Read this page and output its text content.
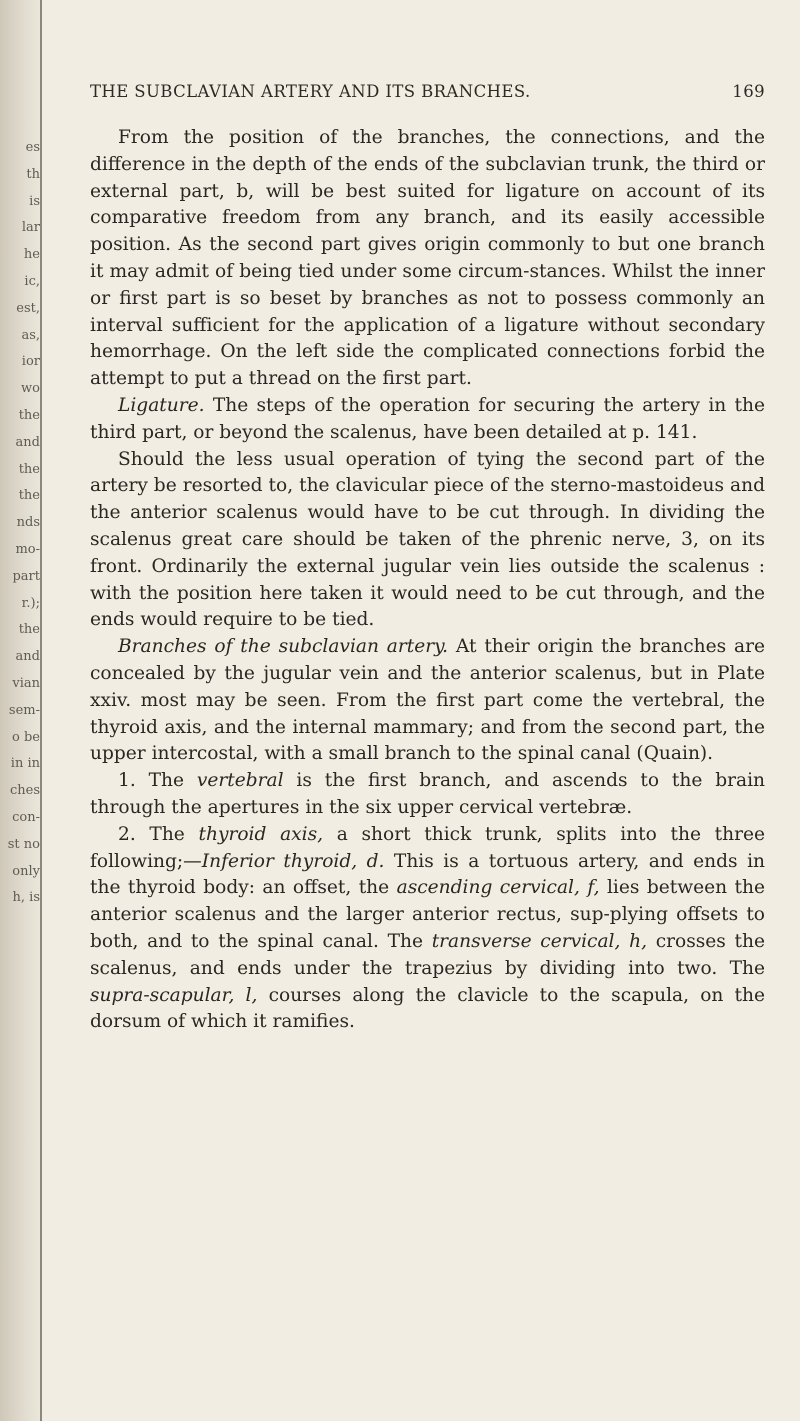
es
th
is
lar
he
ic,
est,
as,
ior
wo
the
and
the
the
nds
mo-
part
r.);
the
and
vian
sem-
o be
in in
ches
con-
st no
only
h, is
THE SUBCLAVIAN ARTERY AND ITS BRANCHES.	169

From the position of the branches, the connections, and the difference in the depth of the ends of the subclavian trunk, the third or external part, b, will be best suited for ligature on account of its comparative freedom from any branch, and its easily accessible position. As the second part gives origin commonly to but one branch it may admit of being tied under some circum-stances. Whilst the inner or first part is so beset by branches as not to possess commonly an interval sufficient for the application of a ligature without secondary hemorrhage. On the left side the complicated connections forbid the attempt to put a thread on the first part.

Ligature. The steps of the operation for securing the artery in the third part, or beyond the scalenus, have been detailed at p. 141.

Should the less usual operation of tying the second part of the artery be resorted to, the clavicular piece of the sterno-mastoideus and the anterior scalenus would have to be cut through. In dividing the scalenus great care should be taken of the phrenic nerve, 3, on its front. Ordinarily the external jugular vein lies outside the scalenus : with the position here taken it would need to be cut through, and the ends would require to be tied.

Branches of the subclavian artery. At their origin the branches are concealed by the jugular vein and the anterior scalenus, but in Plate xxiv. most may be seen. From the first part come the vertebral, the thyroid axis, and the internal mammary; and from the second part, the upper intercostal, with a small branch to the spinal canal (Quain).

1. The vertebral is the first branch, and ascends to the brain through the apertures in the six upper cervical vertebræ.

2. The thyroid axis, a short thick trunk, splits into the three following;—Inferior thyroid, d. This is a tortuous artery, and ends in the thyroid body: an offset, the ascending cervical, f, lies between the anterior scalenus and the larger anterior rectus, sup-plying offsets to both, and to the spinal canal. The transverse cervical, h, crosses the scalenus, and ends under the trapezius by dividing into two. The supra-scapular, l, courses along the clavicle to the scapula, on the dorsum of which it ramifies.
